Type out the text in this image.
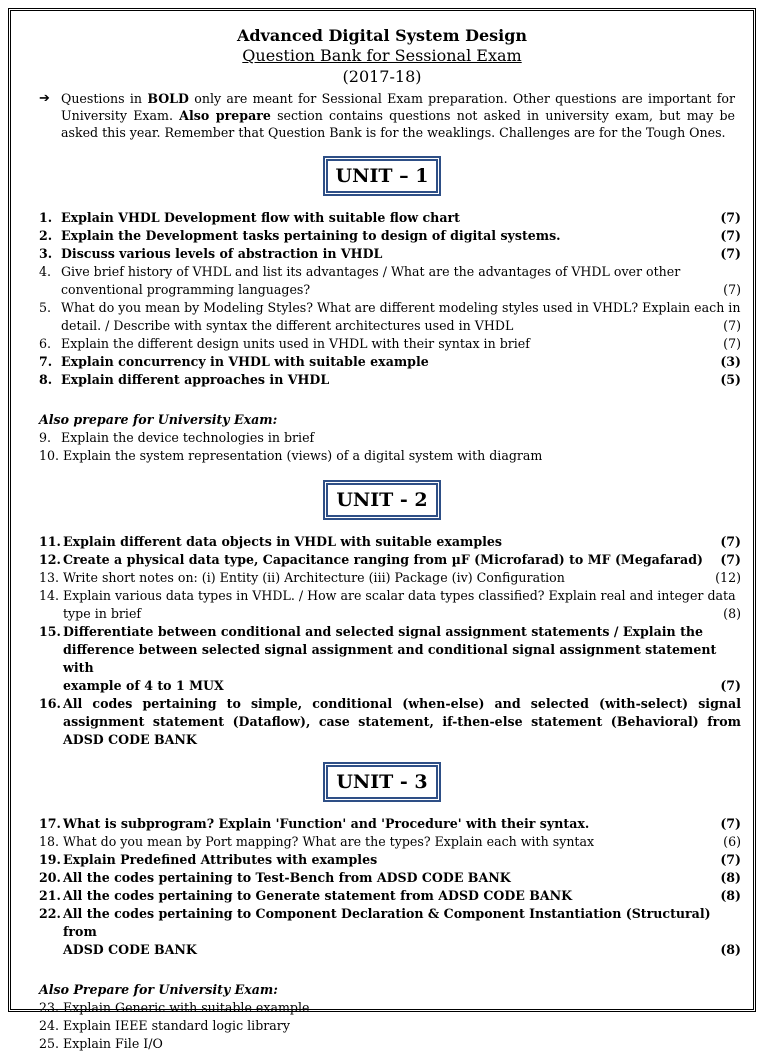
Advanced Digital System Design
Question Bank for Sessional Exam
(2017-18)
➔ Questions in BOLD only are meant for Sessional Exam preparation. Other questions are important for University Exam. Also prepare section contains questions not asked in university exam, but may be asked this year. Remember that Question Bank is for the weaklings. Challenges are for the Tough Ones.
UNIT – 1
1. Explain VHDL Development flow with suitable flow chart	(7)
2. Explain the Development tasks pertaining to design of digital systems.	(7)
3. Discuss various levels of abstraction in VHDL	(7)
4. Give brief history of VHDL and list its advantages / What are the advantages of VHDL over other
conventional programming languages?	(7)
5. What do you mean by Modeling Styles? What are different modeling styles used in VHDL? Explain each in
detail. / Describe with syntax the different architectures used in VHDL	(7)
6. Explain the different design units used in VHDL with their syntax in brief	(7)
7. Explain concurrency in VHDL with suitable example	(3)
8. Explain different approaches in VHDL	(5)
Also prepare for University Exam:
9. Explain the device technologies in brief
10. Explain the system representation (views) of a digital system with diagram
UNIT - 2
11. Explain different data objects in VHDL with suitable examples	(7)
12. Create a physical data type, Capacitance ranging from µF (Microfarad) to MF (Megafarad)	(7)
13. Write short notes on: (i) Entity (ii) Architecture (iii) Package (iv) Configuration	(12)
14. Explain various data types in VHDL. / How are scalar data types classified? Explain real and integer data
type in brief	(8)
15. Differentiate between conditional and selected signal assignment statements / Explain the difference between selected signal assignment and conditional signal assignment statement with
example of 4 to 1 MUX	(7)
16. All codes pertaining to simple, conditional (when-else) and selected (with-select) signal assignment statement (Dataflow), case statement, if-then-else statement (Behavioral) from ADSD CODE BANK
UNIT - 3
17. What is subprogram? Explain 'Function' and 'Procedure' with their syntax.	(7)
18. What do you mean by Port mapping? What are the types? Explain each with syntax	(6)
19. Explain Predefined Attributes with examples	(7)
20. All the codes pertaining to Test-Bench from ADSD CODE BANK	(8)
21. All the codes pertaining to Generate statement from ADSD CODE BANK	(8)
22. All the codes pertaining to Component Declaration & Component Instantiation (Structural) from
ADSD CODE BANK	(8)
Also Prepare for University Exam:
23. Explain Generic with suitable example
24. Explain IEEE standard logic library
25. Explain File I/O
